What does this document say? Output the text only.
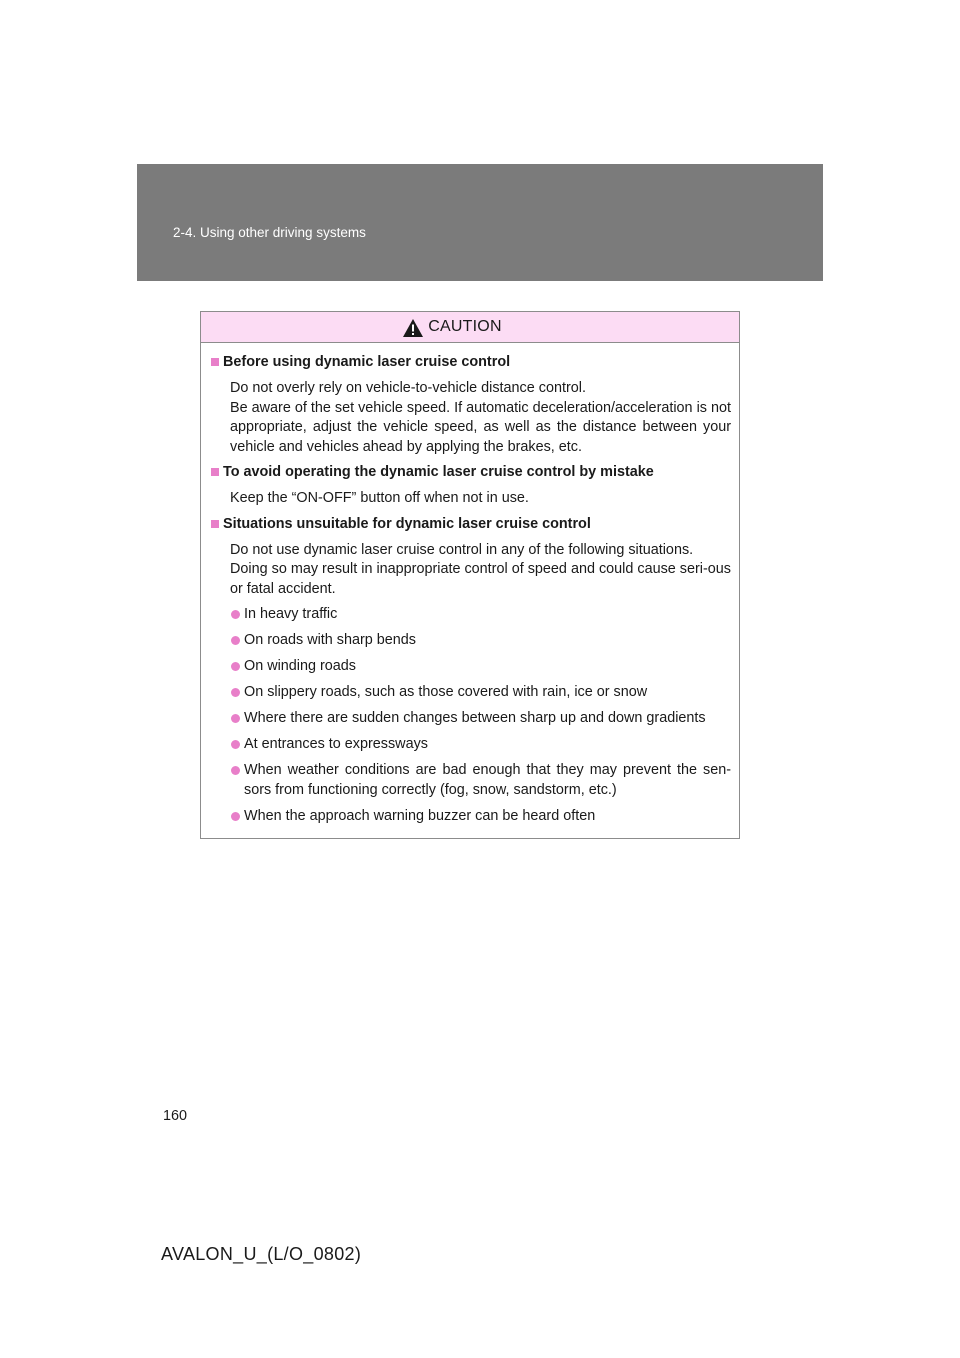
2-4. Using other driving systems
CAUTION
Before using dynamic laser cruise control

Do not overly rely on vehicle-to-vehicle distance control.

Be aware of the set vehicle speed. If automatic deceleration/acceleration is not appropriate, adjust the vehicle speed, as well as the distance between your vehicle and vehicles ahead by applying the brakes, etc.

To avoid operating the dynamic laser cruise control by mistake

Keep the “ON-OFF” button off when not in use.

Situations unsuitable for dynamic laser cruise control

Do not use dynamic laser cruise control in any of the following situations.

Doing so may result in inappropriate control of speed and could cause seri-ous or fatal accident.

In heavy traffic
On roads with sharp bends
On winding roads
On slippery roads, such as those covered with rain, ice or snow
Where there are sudden changes between sharp up and down gradients
At entrances to expressways
When weather conditions are bad enough that they may prevent the sen-sors from functioning correctly (fog, snow, sandstorm, etc.)
When the approach warning buzzer can be heard often
160
AVALON_U_(L/O_0802)
